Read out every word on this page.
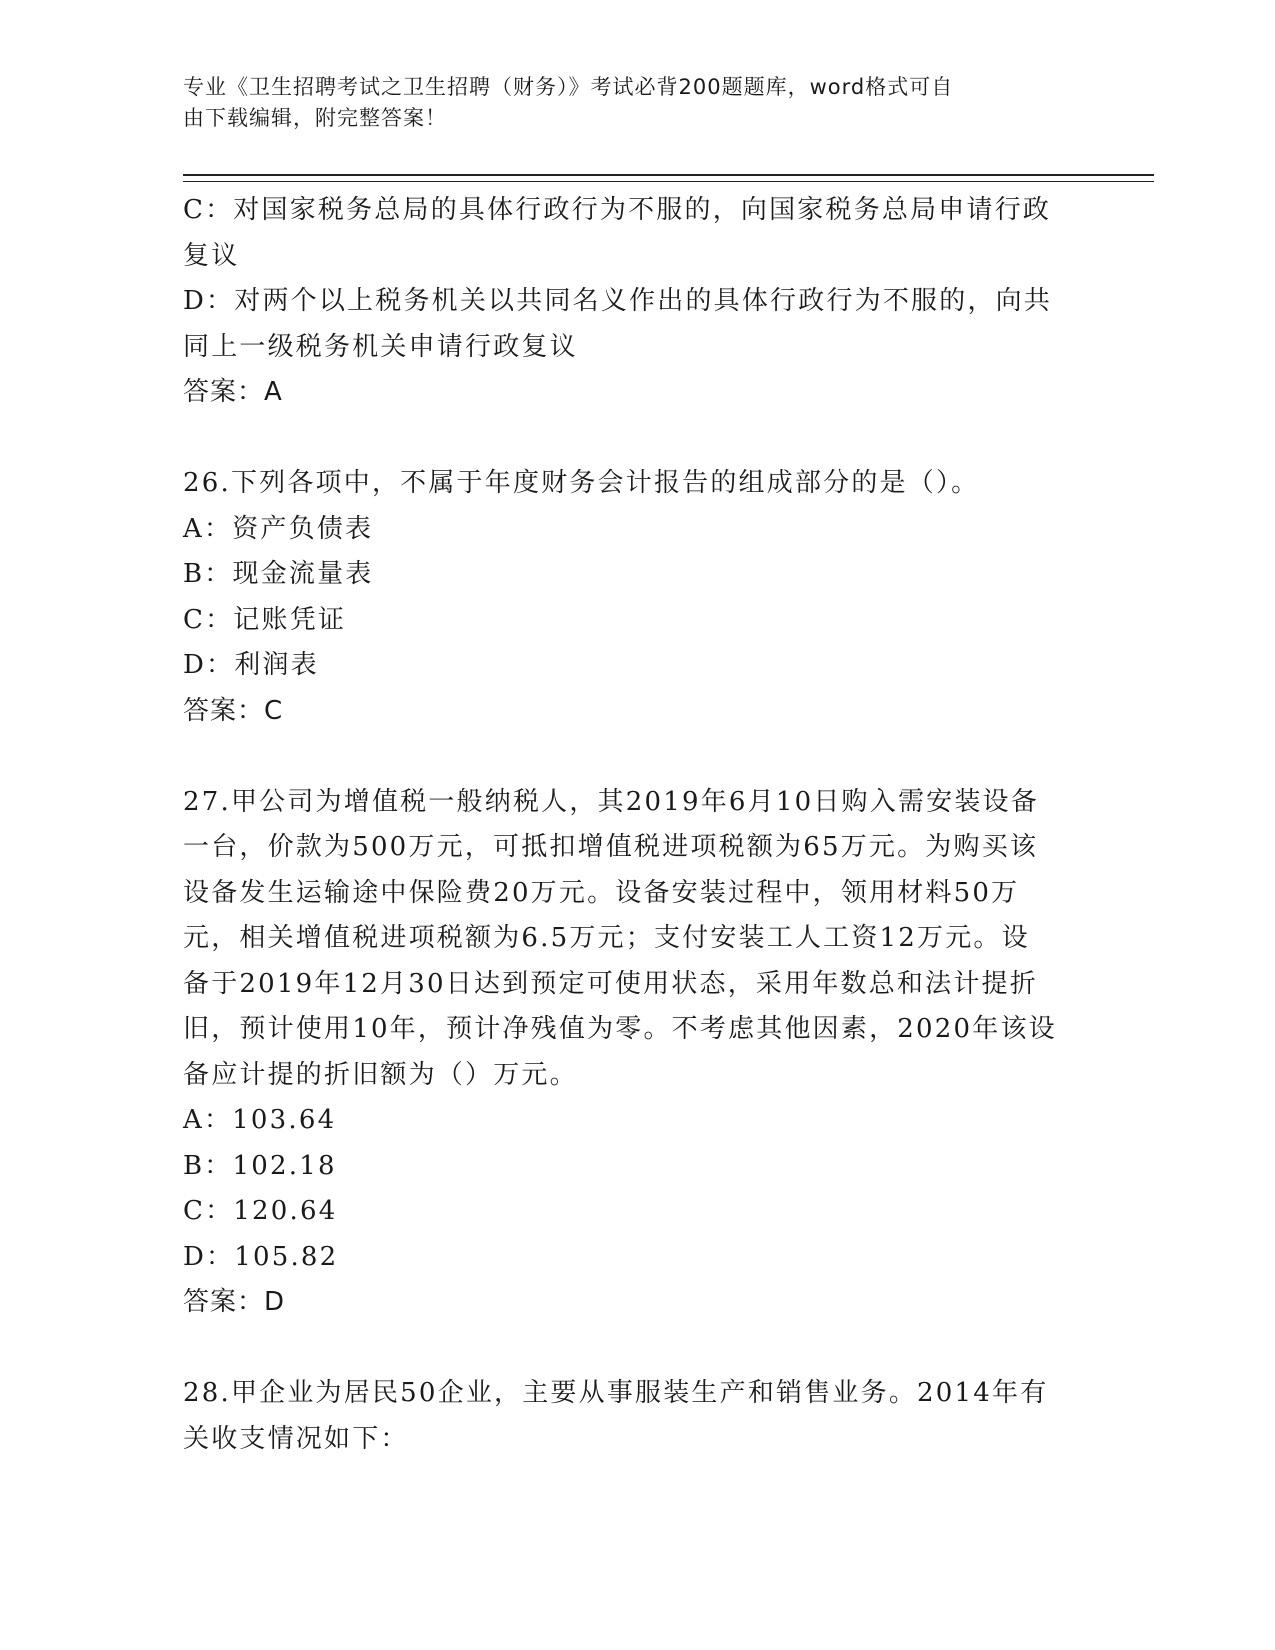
专业《卫生招聘考试之卫生招聘（财务）》考试必背200题题库，word格式可自
由下载编辑，附完整答案！
C：对国家税务总局的具体行政行为不服的，向国家税务总局申请行政
复议
D：对两个以上税务机关以共同名义作出的具体行政行为不服的，向共
同上一级税务机关申请行政复议
答案：A
26.下列各项中，不属于年度财务会计报告的组成部分的是（）。
A：资产负债表
B：现金流量表
C：记账凭证
D：利润表
答案：C
27.甲公司为增值税一般纳税人，其2019年6月10日购入需安装设备
一台，价款为500万元，可抵扣增值税进项税额为65万元。为购买该
设备发生运输途中保险费20万元。设备安装过程中，领用材料50万
元，相关增值税进项税额为6.5万元；支付安装工人工资12万元。设
备于2019年12月30日达到预定可使用状态，采用年数总和法计提折
旧，预计使用10年，预计净残值为零。不考虑其他因素，2020年该设
备应计提的折旧额为（）万元。
A：103.64
B：102.18
C：120.64
D：105.82
答案：D
28.甲企业为居民50企业，主要从事服装生产和销售业务。2014年有
关收支情况如下：
